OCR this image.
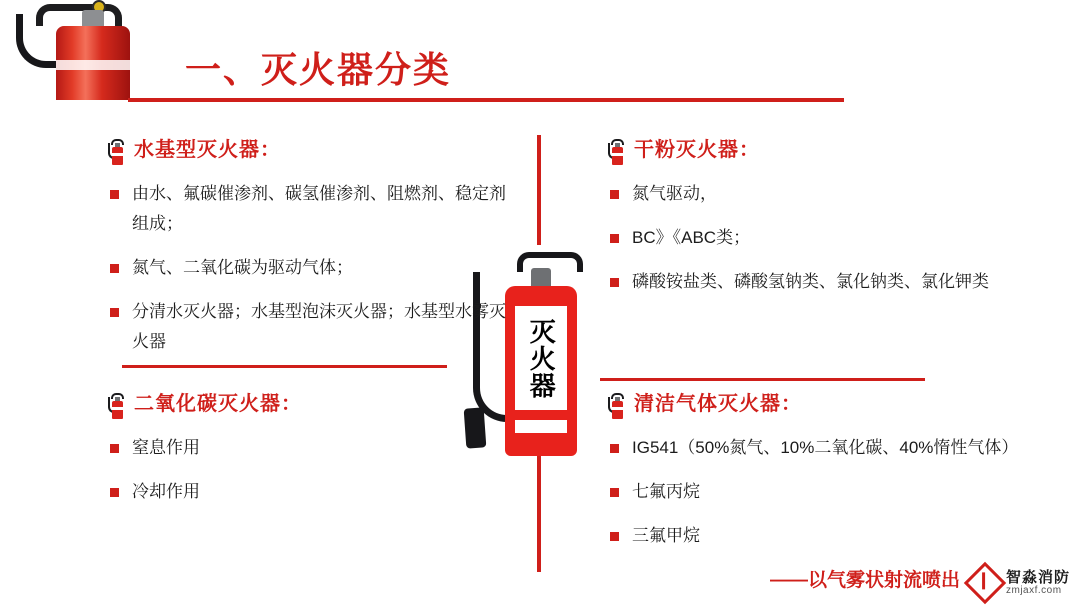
一、灭火器分类
灭火器
水基型灭火器：
由水、氟碳催渗剂、碳氢催渗剂、阻燃剂、稳定剂组成；
氮气、二氧化碳为驱动气体；
分清水灭火器；水基型泡沫灭火器；水基型水雾灭火器
干粉灭火器：
氮气驱动，
BC》《ABC类；
磷酸铵盐类、磷酸氢钠类、氯化钠类、氯化钾类
二氧化碳灭火器：
窒息作用
冷却作用
清洁气体灭火器：
IG541（50%氮气、10%二氧化碳、40%惰性气体）
七氟丙烷
三氟甲烷
——以气雾状射流喷出	智淼消防
zmjaxf.com
